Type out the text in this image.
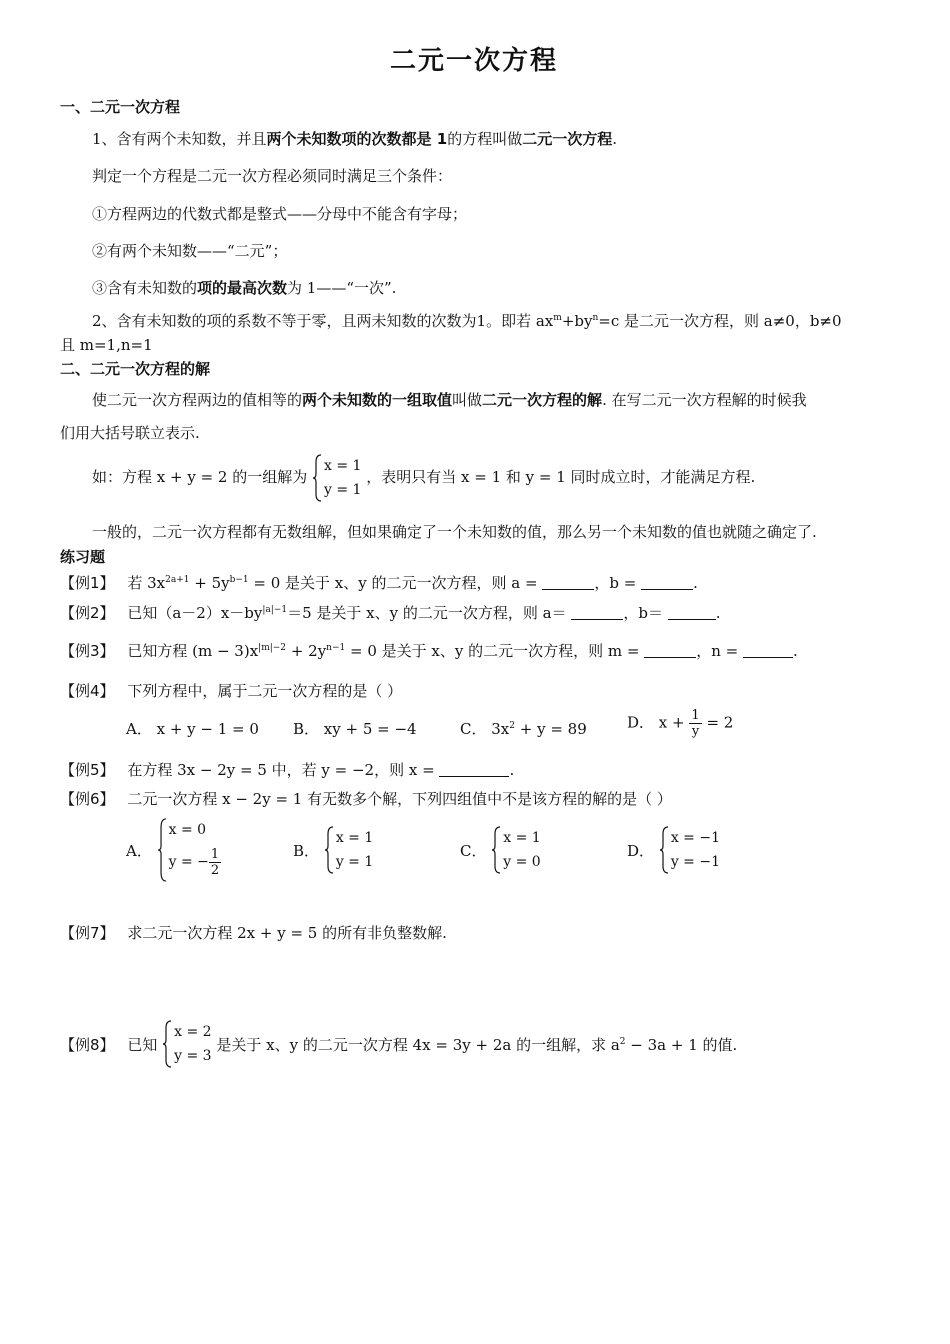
二元一次方程
一、二元一次方程
1、含有两个未知数，并且两个未知数项的次数都是 1的方程叫做二元一次方程.
判定一个方程是二元一次方程必须同时满足三个条件：
①方程两边的代数式都是整式——分母中不能含有字母；
②有两个未知数——“二元”；
③含有未知数的项的最高次数为 1——“一次”.
2、含有未知数的项的系数不等于零，且两未知数的次数为1。即若 $ax^m+by^n=c$ 是二元一次方程，则 a≠0，b≠0
且 m=1,n=1
二、二元一次方程的解
使二元一次方程两边的值相等的两个未知数的一组取值叫做二元一次方程的解. 在写二元一次方程解的时候我
们用大括号联立表示.
如：方程 x + y = 2 的一组解为
x = 1
y = 1
，表明只有当 x = 1 和 y = 1 同时成立时，才能满足方程.
一般的，二元一次方程都有无数组解，但如果确定了一个未知数的值，那么另一个未知数的值也就随之确定了.
练习题
【例1】 若 $3x^{2a+1} + 5y^{b-1} = 0$ 是关于 x、y 的二元一次方程，则 a =	，b =	.
【例2】 已知$(a-2)x-by^{|a|-1}=5$ 是关于 x、y 的二元一次方程，则 a＝	，b＝	.
【例3】 已知方程 $(m - 3)x^{|m|-2} + 2y^{n-1} = 0$ 是关于 x、y 的二元一次方程，则 m =	，n =	.
【例4】 下列方程中，属于二元一次方程的是（ ）
A． x + y − 1 = 0 B． xy + 5 = −4	C． $3x^2 + y = 89$	D． $x + \frac{1}{y} = 2$
【例5】 在方程 3x − 2y = 5 中，若 y = −2，则 x =	.
【例6】 二元一次方程 x − 2y = 1 有无数多个解，下列四组值中不是该方程的解的是（ ）
A．
x = 0
y = − $\frac{1}{2}$	B．
x = 1
y = 1
C．
x = 1
y = 0
D．
x = −1
y = −1
【例7】 求二元一次方程 2x + y = 5 的所有非负整数解.
【例8】 已知
x = 2
y = 3
是关于 x、y 的二元一次方程 4x = 3y + 2a 的一组解，求 $a^2 - 3a + 1$ 的值.
